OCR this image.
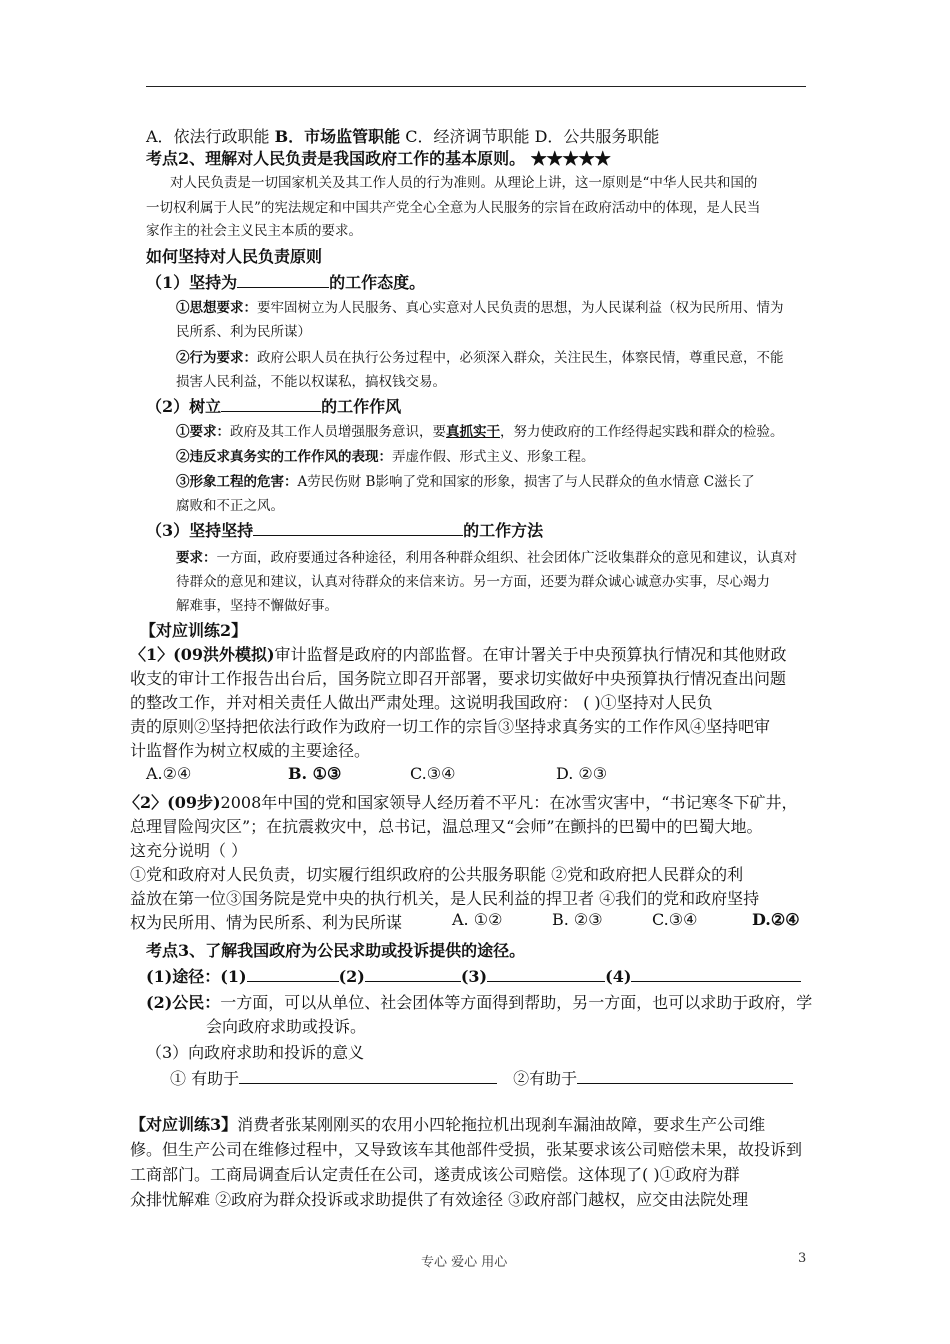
A．依法行政职能 B．市场监管职能 C．经济调节职能 D．公共服务职能
考点2、理解对人民负责是我国政府工作的基本原则。 ★★★★★
对人民负责是一切国家机关及其工作人员的行为准则。从理论上讲，这一原则是“中华人民共和国的
一切权利属于人民”的宪法规定和中国共产党全心全意为人民服务的宗旨在政府活动中的体现，是人民当
家作主的社会主义民主本质的要求。
如何坚持对人民负责原则
（1）坚持为	的工作态度。
①思想要求：要牢固树立为人民服务、真心实意对人民负责的思想，为人民谋利益（权为民所用、情为
民所系、利为民所谋）
②行为要求：政府公职人员在执行公务过程中，必须深入群众，关注民生，体察民情，尊重民意，不能
损害人民利益，不能以权谋私，搞权钱交易。
（2）树立	的工作作风
①要求：政府及其工作人员增强服务意识，要真抓实干，努力使政府的工作经得起实践和群众的检验。
②违反求真务实的工作作风的表现：弄虚作假、形式主义、形象工程。
③形象工程的危害：A劳民伤财 B影响了党和国家的形象，损害了与人民群众的鱼水情意 C滋长了
腐败和不正之风。
（3）坚持坚持	的工作方法
要求：一方面，政府要通过各种途径，利用各种群众组织、社会团体广泛收集群众的意见和建议，认真对
待群众的意见和建议，认真对待群众的来信来访。另一方面，还要为群众诚心诚意办实事，尽心竭力
解难事，坚持不懈做好事。
【对应训练2】
〈1〉(09洪外模拟)审计监督是政府的内部监督。在审计署关于中央预算执行情况和其他财政
收支的审计工作报告出台后，国务院立即召开部署，要求切实做好中央预算执行情况查出问题
的整改工作，并对相关责任人做出严肃处理。这说明我国政府： ( )①坚持对人民负
责的原则②坚持把依法行政作为政府一切工作的宗旨③坚持求真务实的工作作风④坚持吧审
计监督作为树立权威的主要途径。
A.②④	B. ①③	C.③④	D. ②③
〈2〉(09步)2008年中国的党和国家领导人经历着不平凡：在冰雪灾害中，“书记寒冬下矿井，
总理冒险闯灾区”；在抗震救灾中，总书记，温总理又“会师”在颤抖的巴蜀中的巴蜀大地。
这充分说明（ ）
①党和政府对人民负责，切实履行组织政府的公共服务职能 ②党和政府把人民群众的利
益放在第一位③国务院是党中央的执行机关，是人民利益的捍卫者 ④我们的党和政府坚持
权为民所用、情为民所系、利为民所谋	A. ①②	B. ②③	C.③④	D.②④
考点3、了解我国政府为公民求助或投诉提供的途径。
(1)途径：(1)	(2)	(3)	(4)
(2)公民：一方面，可以从单位、社会团体等方面得到帮助，另一方面，也可以求助于政府，学
会向政府求助或投诉。
（3）向政府求助和投诉的意义
① 有助于	②有助于
【对应训练3】消费者张某刚刚买的农用小四轮拖拉机出现刹车漏油故障，要求生产公司维
修。但生产公司在维修过程中，又导致该车其他部件受损，张某要求该公司赔偿未果，故投诉到
工商部门。工商局调查后认定责任在公司，遂责成该公司赔偿。这体现了( )①政府为群
众排忧解难 ②政府为群众投诉或求助提供了有效途径 ③政府部门越权，应交由法院处理
专心 爱心 用心	3
